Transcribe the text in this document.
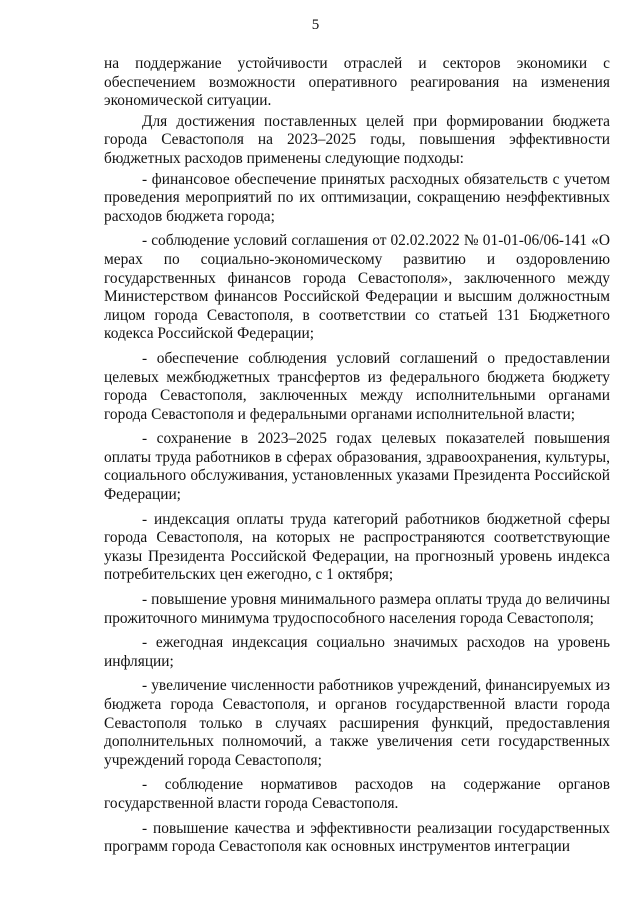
5

на поддержание устойчивости отраслей и секторов экономики с обеспечением возможности оперативного реагирования на изменения экономической ситуации.

Для достижения поставленных целей при формировании бюджета города Севастополя на 2023–2025 годы, повышения эффективности бюджетных расходов применены следующие подходы:

- финансовое обеспечение принятых расходных обязательств с учетом проведения мероприятий по их оптимизации, сокращению неэффективных расходов бюджета города;

- соблюдение условий соглашения от 02.02.2022 № 01-01-06/06-141 «О мерах по социально-экономическому развитию и оздоровлению государственных финансов города Севастополя», заключенного между Министерством финансов Российской Федерации и высшим должностным лицом города Севастополя, в соответствии со статьей 131 Бюджетного кодекса Российской Федерации;

- обеспечение соблюдения условий соглашений о предоставлении целевых межбюджетных трансфертов из федерального бюджета бюджету города Севастополя, заключенных между исполнительными органами города Севастополя и федеральными органами исполнительной власти;

- сохранение в 2023–2025 годах целевых показателей повышения оплаты труда работников в сферах образования, здравоохранения, культуры, социального обслуживания, установленных указами Президента Российской Федерации;

- индексация оплаты труда категорий работников бюджетной сферы города Севастополя, на которых не распространяются соответствующие указы Президента Российской Федерации, на прогнозный уровень индекса потребительских цен ежегодно, с 1 октября;

- повышение уровня минимального размера оплаты труда до величины прожиточного минимума трудоспособного населения города Севастополя;

- ежегодная индексация социально значимых расходов на уровень инфляции;

- увеличение численности работников учреждений, финансируемых из бюджета города Севастополя, и органов государственной власти города Севастополя только в случаях расширения функций, предоставления дополнительных полномочий, а также увеличения сети государственных учреждений города Севастополя;

- соблюдение нормативов расходов на содержание органов государственной власти города Севастополя.

- повышение качества и эффективности реализации государственных программ города Севастополя как основных инструментов интеграции
